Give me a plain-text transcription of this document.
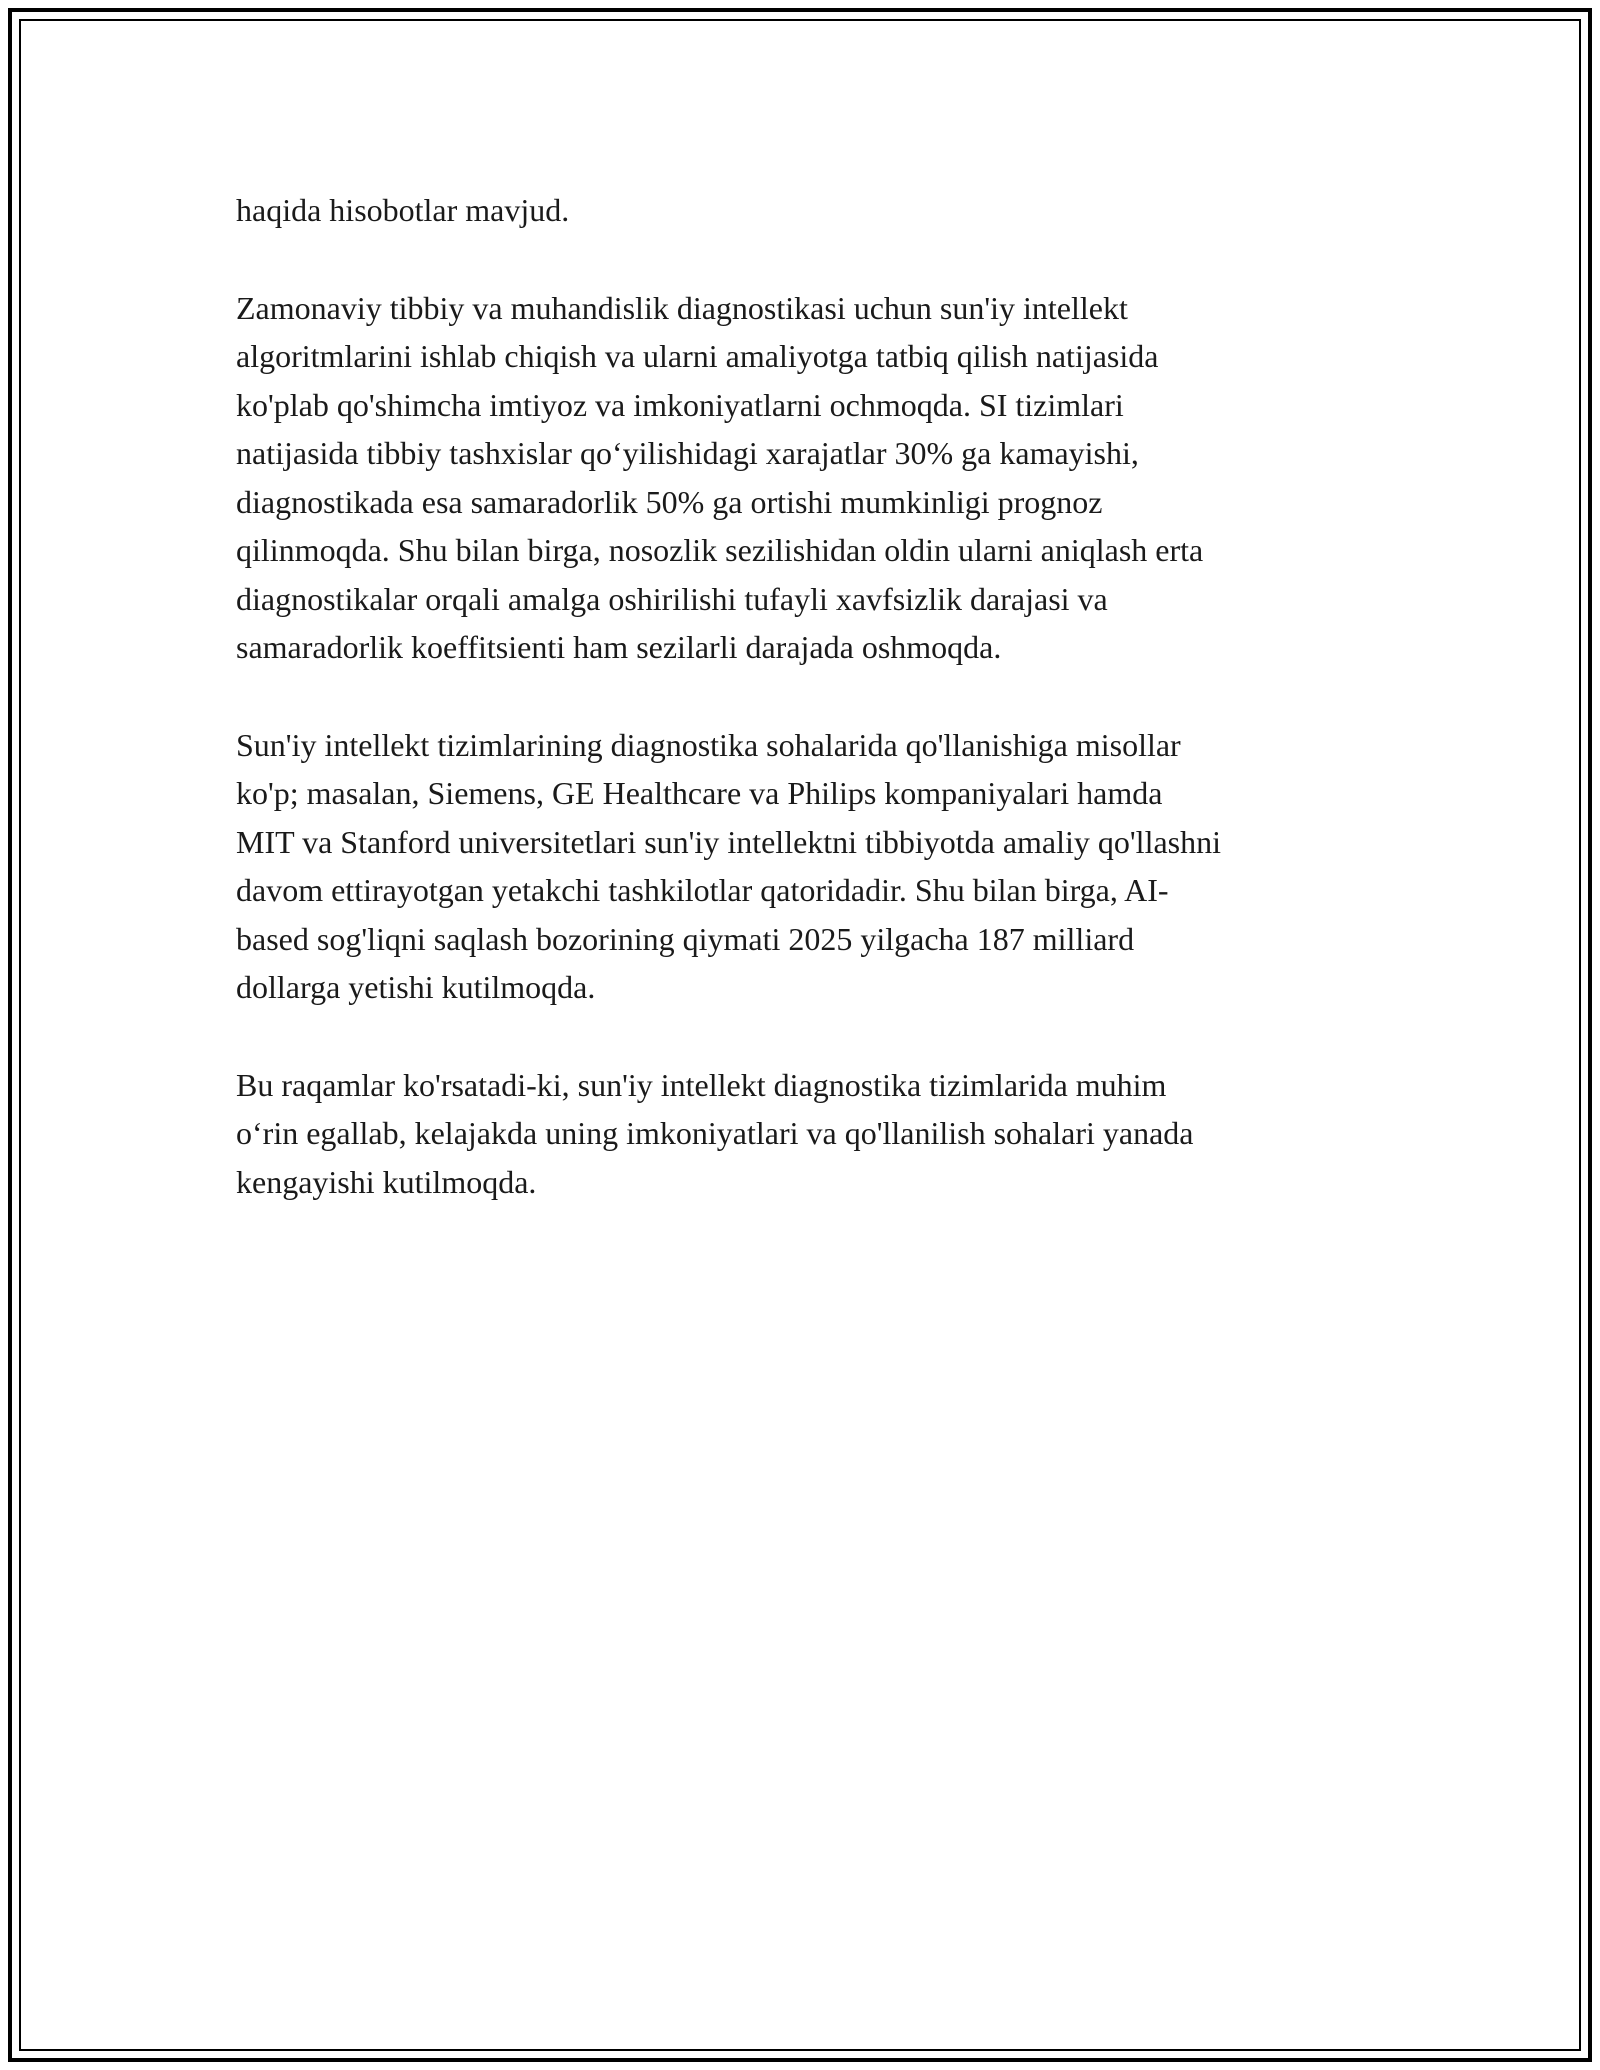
haqida hisobotlar mavjud.

Zamonaviy tibbiy va muhandislik diagnostikasi uchun sun'iy intellekt
algoritmlarini ishlab chiqish va ularni amaliyotga tatbiq qilish natijasida
ko'plab qo'shimcha imtiyoz va imkoniyatlarni ochmoqda. SI tizimlari
natijasida tibbiy tashxislar qo‘yilishidagi xarajatlar 30% ga kamayishi,
diagnostikada esa samaradorlik 50% ga ortishi mumkinligi prognoz
qilinmoqda. Shu bilan birga, nosozlik sezilishidan oldin ularni aniqlash erta
diagnostikalar orqali amalga oshirilishi tufayli xavfsizlik darajasi va
samaradorlik koeffitsienti ham sezilarli darajada oshmoqda.

Sun'iy intellekt tizimlarining diagnostika sohalarida qo'llanishiga misollar
ko'p; masalan, Siemens, GE Healthcare va Philips kompaniyalari hamda
MIT va Stanford universitetlari sun'iy intellektni tibbiyotda amaliy qo'llashni
davom ettirayotgan yetakchi tashkilotlar qatoridadir. Shu bilan birga, AI-
based sog'liqni saqlash bozorining qiymati 2025 yilgacha 187 milliard
dollarga yetishi kutilmoqda.

Bu raqamlar ko'rsatadi-ki, sun'iy intellekt diagnostika tizimlarida muhim
o‘rin egallab, kelajakda uning imkoniyatlari va qo'llanilish sohalari yanada
kengayishi kutilmoqda.
